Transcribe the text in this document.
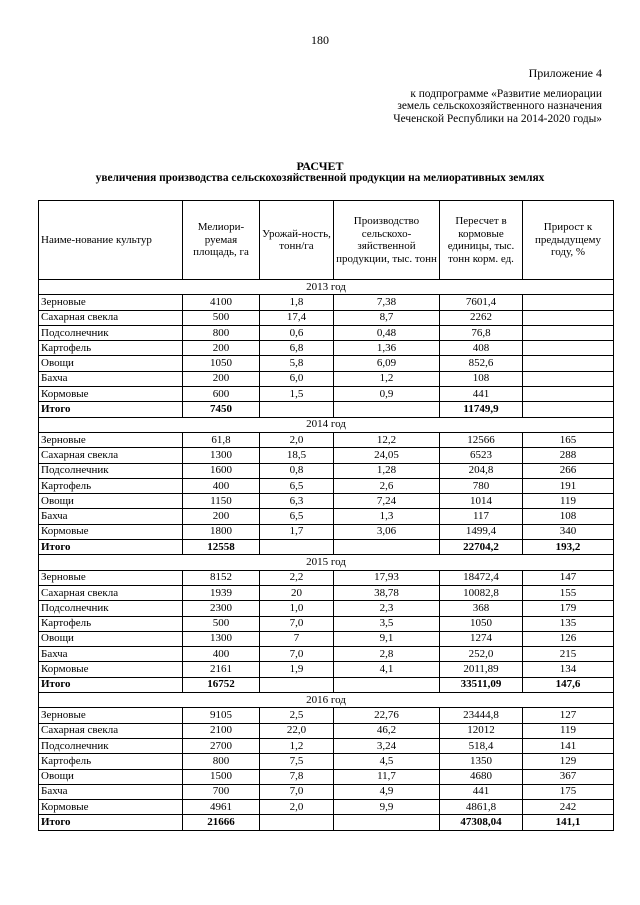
180
Приложение 4
к подпрограмме «Развитие мелиорации
земель сельскохозяйственного назначения
Чеченской Республики на 2014-2020 годы»
РАСЧЕТ
увеличения производства сельскохозяйственной продукции на мелиоративных землях
Наиме-нование культур	Мелиори-руемая площадь, га	Урожай-ность, тонн/га	Производство сельскохо-зяйственной продукции, тыс. тонн	Пересчет в кормовые единицы, тыс. тонн корм. ед.	Прирост к предыдущему году, %
2013 год					
Зерновые	4100	1,8	7,38	7601,4	
Сахарная свекла	500	17,4	8,7	2262	
Подсолнечник	800	0,6	0,48	76,8	
Картофель	200	6,8	1,36	408	
Овощи	1050	5,8	6,09	852,6	
Бахча	200	6,0	1,2	108	
Кормовые	600	1,5	0,9	441	
Итого	7450			11749,9	
2014 год					
Зерновые	61,8	2,0	12,2	12566	165
Сахарная свекла	1300	18,5	24,05	6523	288
Подсолнечник	1600	0,8	1,28	204,8	266
Картофель	400	6,5	2,6	780	191
Овощи	1150	6,3	7,24	1014	119
Бахча	200	6,5	1,3	117	108
Кормовые	1800	1,7	3,06	1499,4	340
Итого	12558			22704,2	193,2
2015 год					
Зерновые	8152	2,2	17,93	18472,4	147
Сахарная свекла	1939	20	38,78	10082,8	155
Подсолнечник	2300	1,0	2,3	368	179
Картофель	500	7,0	3,5	1050	135
Овощи	1300	7	9,1	1274	126
Бахча	400	7,0	2,8	252,0	215
Кормовые	2161	1,9	4,1	2011,89	134
Итого	16752			33511,09	147,6
2016 год					
Зерновые	9105	2,5	22,76	23444,8	127
Сахарная свекла	2100	22,0	46,2	12012	119
Подсолнечник	2700	1,2	3,24	518,4	141
Картофель	800	7,5	4,5	1350	129
Овощи	1500	7,8	11,7	4680	367
Бахча	700	7,0	4,9	441	175
Кормовые	4961	2,0	9,9	4861,8	242
Итого	21666			47308,04	141,1
